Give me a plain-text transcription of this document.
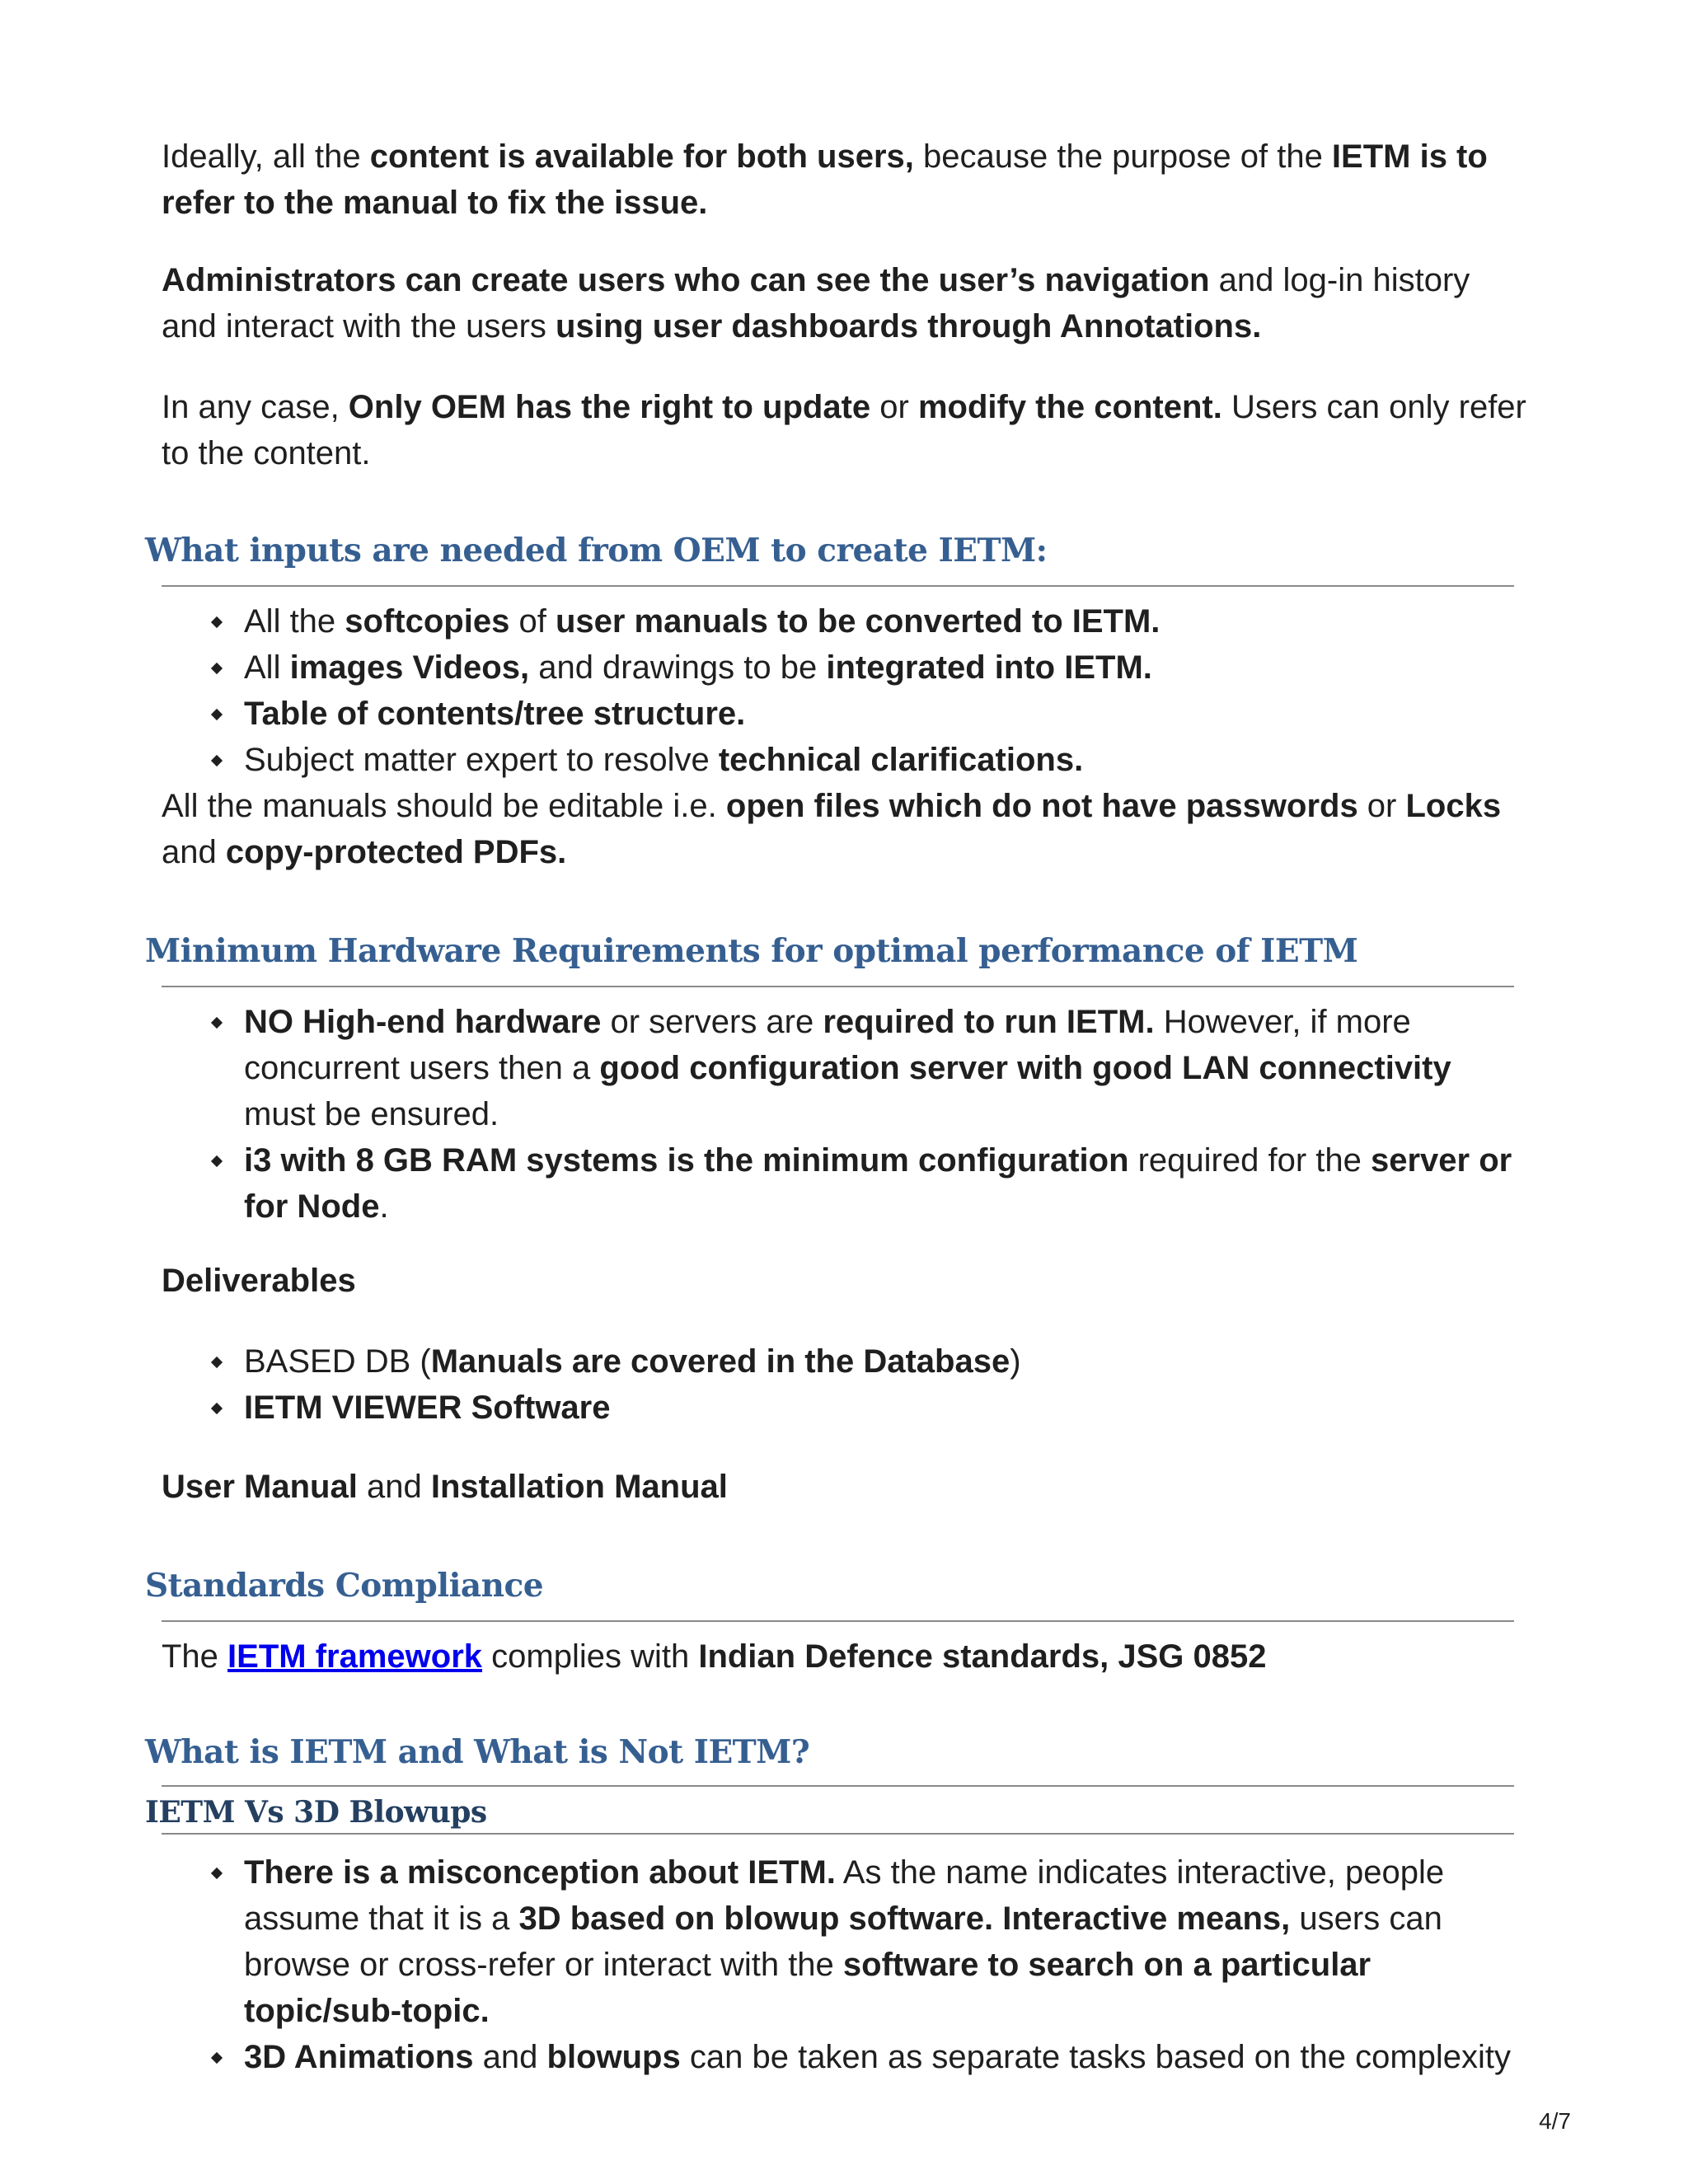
Ideally, all the content is available for both users, because the purpose of the IETM is to refer to the manual to fix the issue.

Administrators can create users who can see the user’s navigation and log-in history and interact with the users using user dashboards through Annotations.

In any case, Only OEM has the right to update or modify the content. Users can only refer to the content.

What inputs are needed from OEM to create IETM:
All the softcopies of user manuals to be converted to IETM.
All images Videos, and drawings to be integrated into IETM.
Table of contents/tree structure.
Subject matter expert to resolve technical clarifications.

All the manuals should be editable i.e. open files which do not have passwords or Locks and copy-protected PDFs.

Minimum Hardware Requirements for optimal performance of IETM
NO High-end hardware or servers are required to run IETM. However, if more concurrent users then a good configuration server with good LAN connectivity must be ensured.
i3 with 8 GB RAM systems is the minimum configuration required for the server or for Node.

Deliverables

BASED DB (Manuals are covered in the Database)
IETM VIEWER Software

User Manual and Installation Manual

Standards Compliance

The IETM framework complies with Indian Defence standards, JSG 0852

What is IETM and What is Not IETM?
IETM Vs 3D Blowups
There is a misconception about IETM. As the name indicates interactive, people assume that it is a 3D based on blowup software. Interactive means, users can browse or cross-refer or interact with the software to search on a particular topic/sub-topic.
3D Animations and blowups can be taken as separate tasks based on the complexity
4/7
